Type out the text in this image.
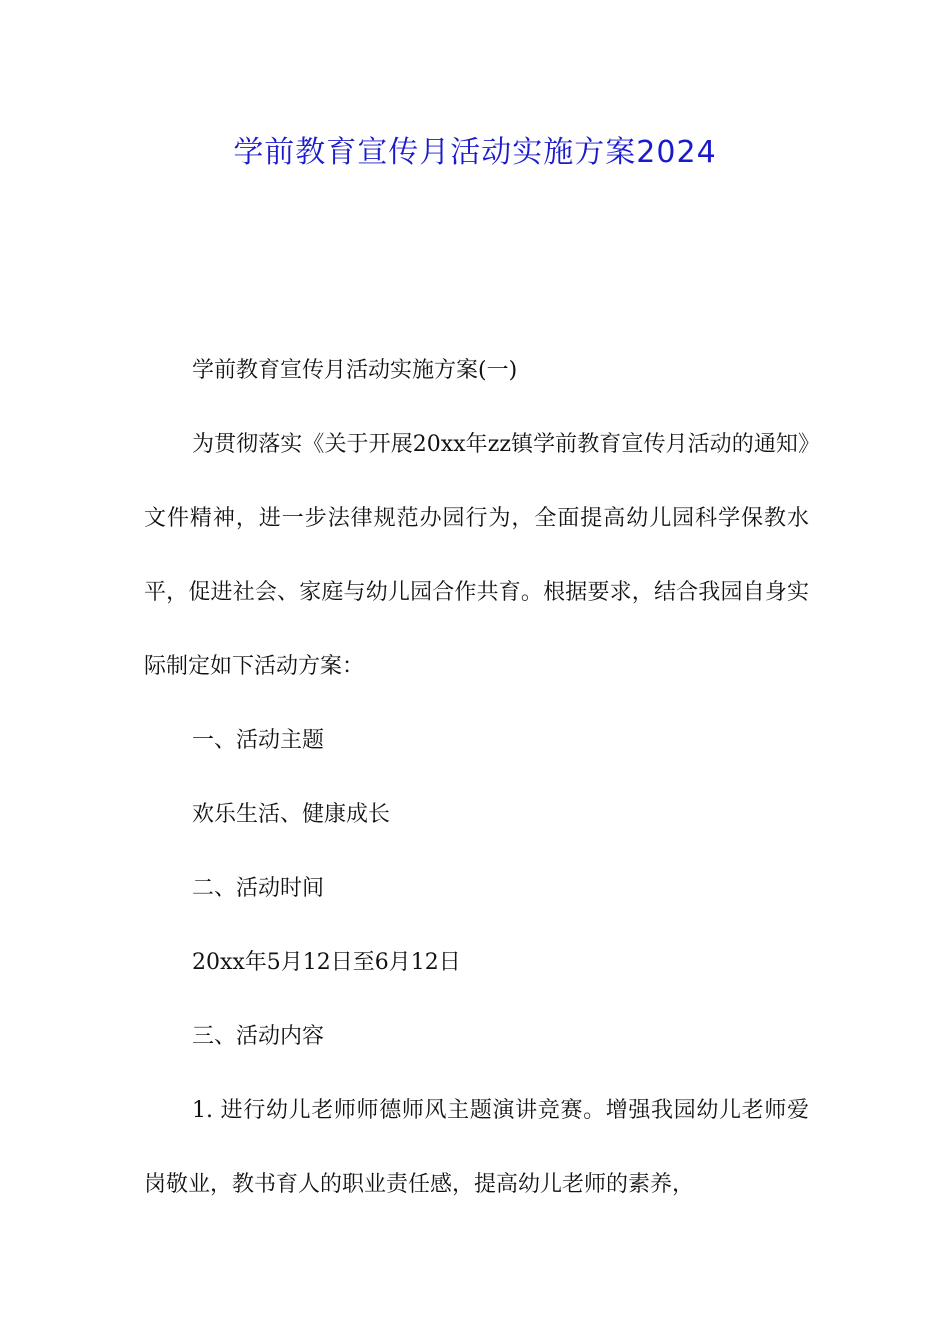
学前教育宣传月活动实施方案2024

学前教育宣传月活动实施方案(一)

为贯彻落实《关于开展20xx年zz镇学前教育宣传月活动的通知》文件精神，进一步法律规范办园行为，全面提高幼儿园科学保教水平，促进社会、家庭与幼儿园合作共育。根据要求，结合我园自身实际制定如下活动方案：

一、活动主题

欢乐生活、健康成长

二、活动时间

20xx年5月12日至6月12日

三、活动内容

1. 进行幼儿老师师德师风主题演讲竞赛。增强我园幼儿老师爱岗敬业，教书育人的职业责任感，提高幼儿老师的素养，
